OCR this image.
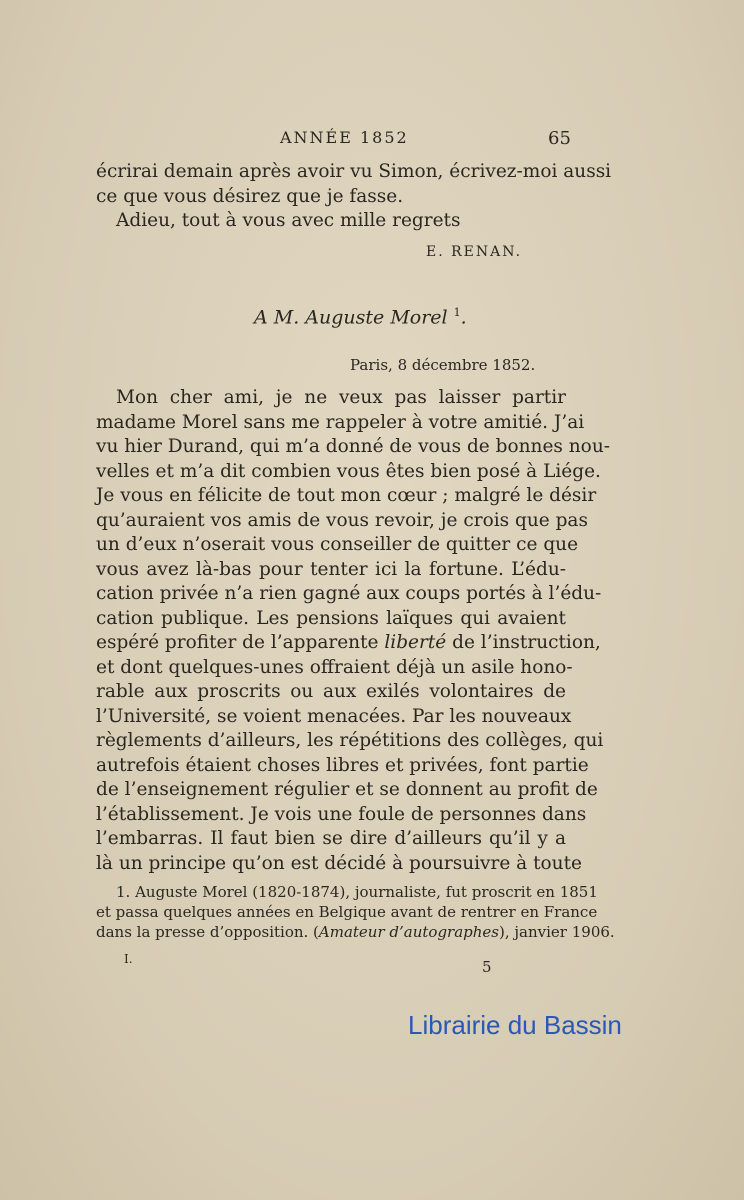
ANNÉE 1852	65
écrirai demain après avoir vu Simon, écrivez-moi aussi
ce que vous désirez que je fasse.
Adieu, tout à vous avec mille regrets
E. RENAN.
A M. Auguste Morel $^1$.
Paris, 8 décembre 1852.
Mon cher ami, je ne veux pas laisser partir
madame Morel sans me rappeler à votre amitié. J’ai
vu hier Durand, qui m’a donné de vous de bonnes nou-
velles et m’a dit combien vous êtes bien posé à Liége.
Je vous en félicite de tout mon cœur ; malgré le désir
qu’auraient vos amis de vous revoir, je crois que pas
un d’eux n’oserait vous conseiller de quitter ce que
vous avez là-bas pour tenter ici la fortune. L’édu-
cation privée n’a rien gagné aux coups portés à l’édu-
cation publique. Les pensions laïques qui avaient
espéré profiter de l’apparente liberté de l’instruction,
et dont quelques-unes offraient déjà un asile hono-
rable aux proscrits ou aux exilés volontaires de
l’Université, se voient menacées. Par les nouveaux
règlements d’ailleurs, les répétitions des collèges, qui
autrefois étaient choses libres et privées, font partie
de l’enseignement régulier et se donnent au profit de
l’établissement. Je vois une foule de personnes dans
l’embarras. Il faut bien se dire d’ailleurs qu’il y a
là un principe qu’on est décidé à poursuivre à toute
1. Auguste Morel (1820-1874), journaliste, fut proscrit en 1851
et passa quelques années en Belgique avant de rentrer en France
dans la presse d’opposition. (Amateur d’autographes), janvier 1906.
I.	5
Librairie du Bassin
